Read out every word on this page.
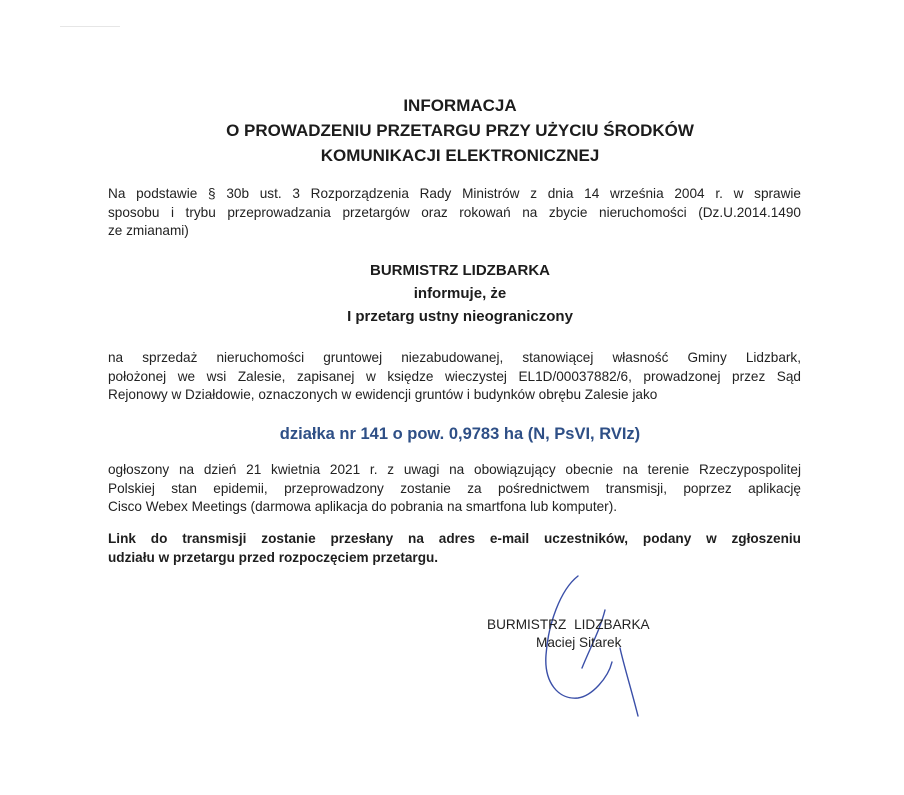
INFORMACJA
O PROWADZENIU PRZETARGU PRZY UŻYCIU ŚRODKÓW
KOMUNIKACJI ELEKTRONICZNEJ
Na podstawie § 30b ust. 3 Rozporządzenia Rady Ministrów z dnia 14 września 2004 r. w sprawie
sposobu i trybu przeprowadzania przetargów oraz rokowań na zbycie nieruchomości (Dz.U.2014.1490
ze zmianami)
BURMISTRZ LIDZBARKA
informuje, że
I przetarg ustny nieograniczony
na sprzedaż nieruchomości gruntowej niezabudowanej, stanowiącej własność Gminy Lidzbark,
położonej we wsi Zalesie, zapisanej w księdze wieczystej EL1D/00037882/6, prowadzonej przez Sąd
Rejonowy w Działdowie, oznaczonych w ewidencji gruntów i budynków obrębu Zalesie jako
działka nr 141 o pow. 0,9783 ha (N, PsVI, RVIz)
ogłoszony na dzień 21 kwietnia 2021 r. z uwagi na obowiązujący obecnie na terenie Rzeczypospolitej
Polskiej stan epidemii, przeprowadzony zostanie za pośrednictwem transmisji, poprzez aplikację
Cisco Webex Meetings (darmowa aplikacja do pobrania na smartfona lub komputer).
Link do transmisji zostanie przesłany na adres e-mail uczestników, podany w zgłoszeniu
udziału w przetargu przed rozpoczęciem przetargu.
BURMISTRZ LIDZBARKA
Maciej Sitarek
